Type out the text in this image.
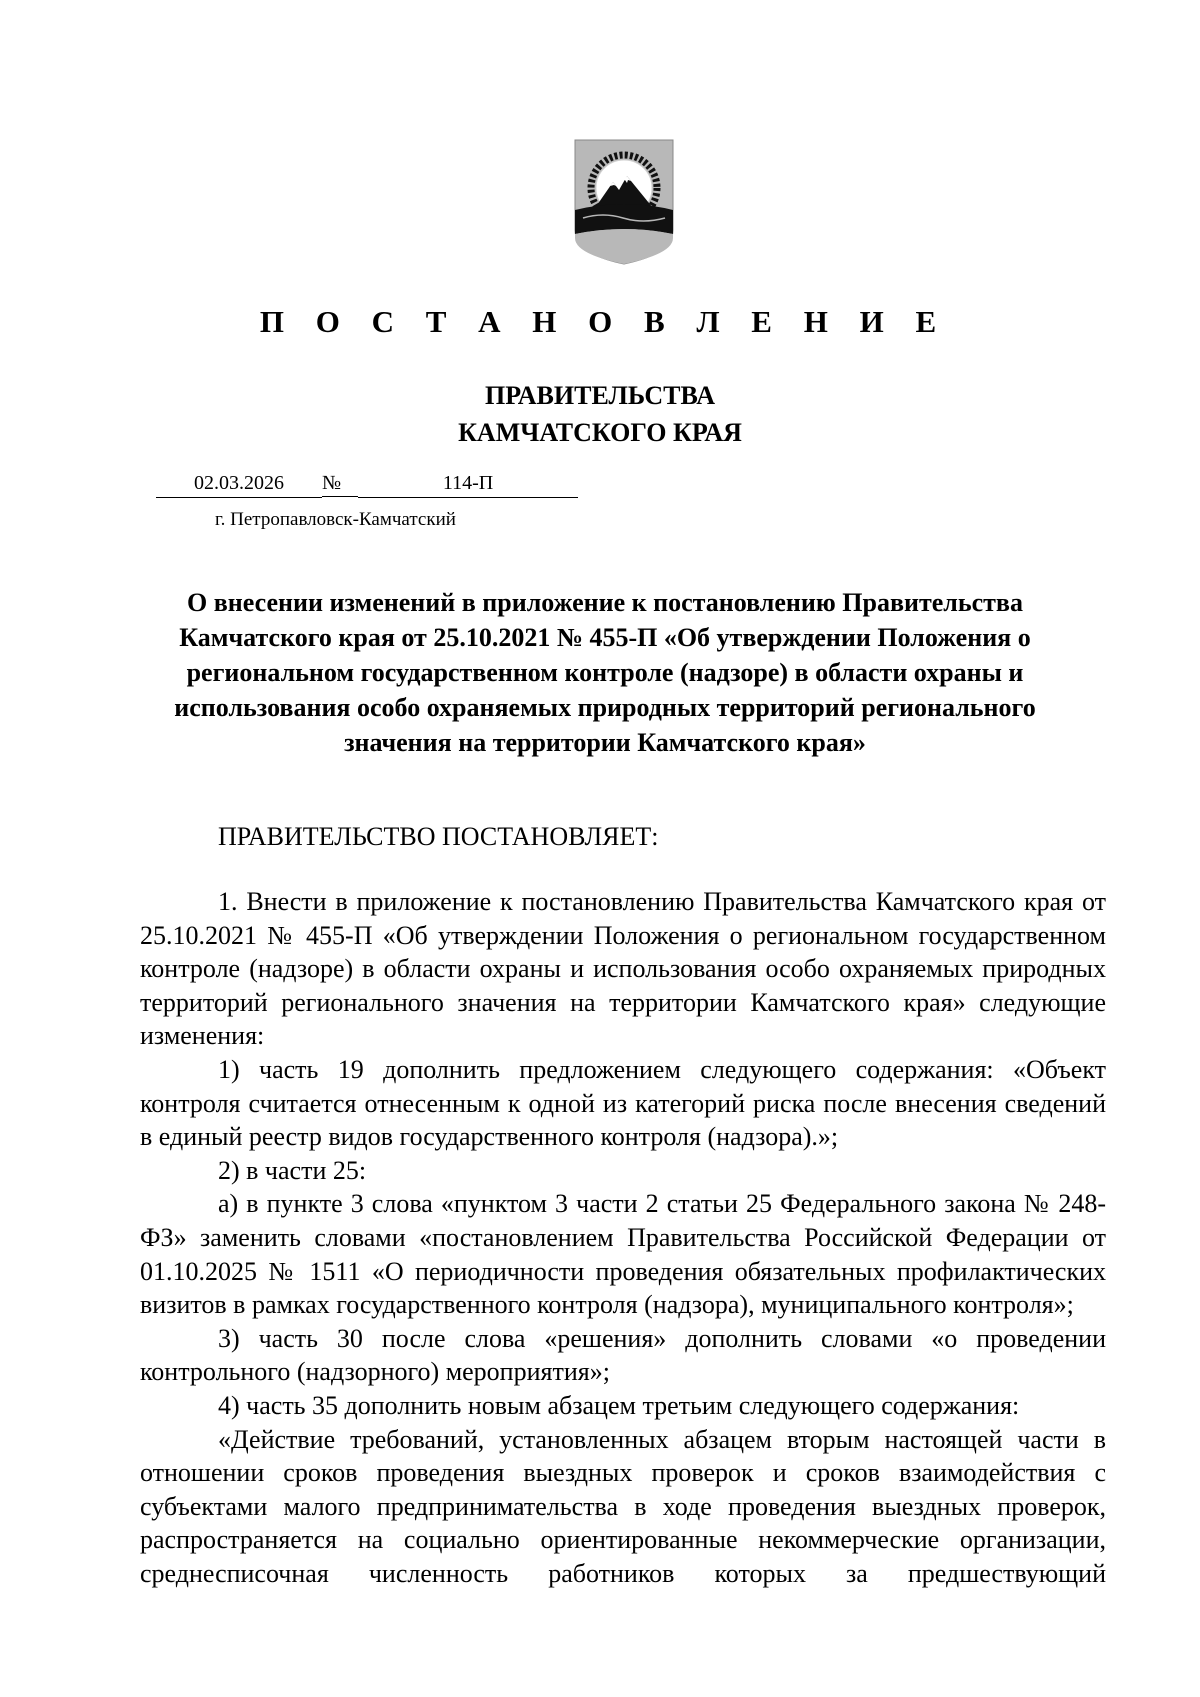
П О С Т А Н О В Л Е Н И Е
ПРАВИТЕЛЬСТВА
КАМЧАТСКОГО КРАЯ
02.03.2026 №	114-П
г. Петропавловск-Камчатский
О внесении изменений в приложение к постановлению Правительства Камчатского края от 25.10.2021 № 455-П «Об утверждении Положения о региональном государственном контроле (надзоре) в области охраны и использования особо охраняемых природных территорий регионального значения на территории Камчатского края»
ПРАВИТЕЛЬСТВО ПОСТАНОВЛЯЕТ:

1. Внести в приложение к постановлению Правительства Камчатского края от 25.10.2021 № 455-П «Об утверждении Положения о региональном государственном контроле (надзоре) в области охраны и использования особо охраняемых природных территорий регионального значения на территории Камчатского края» следующие изменения:

1) часть 19 дополнить предложением следующего содержания: «Объект контроля считается отнесенным к одной из категорий риска после внесения сведений в единый реестр видов государственного контроля (надзора).»;

2) в части 25:

а) в пункте 3 слова «пунктом 3 части 2 статьи 25 Федерального закона № 248-ФЗ» заменить словами «постановлением Правительства Российской Федерации от 01.10.2025 № 1511 «О периодичности проведения обязательных профилактических визитов в рамках государственного контроля (надзора), муниципального контроля»;

3) часть 30 после слова «решения» дополнить словами «о проведении контрольного (надзорного) мероприятия»;

4) часть 35 дополнить новым абзацем третьим следующего содержания:

«Действие требований, установленных абзацем вторым настоящей части в отношении сроков проведения выездных проверок и сроков взаимодействия с субъектами малого предпринимательства в ходе проведения выездных проверок, распространяется на социально ориентированные некоммерческие организации, среднесписочная численность работников которых за предшествующий
